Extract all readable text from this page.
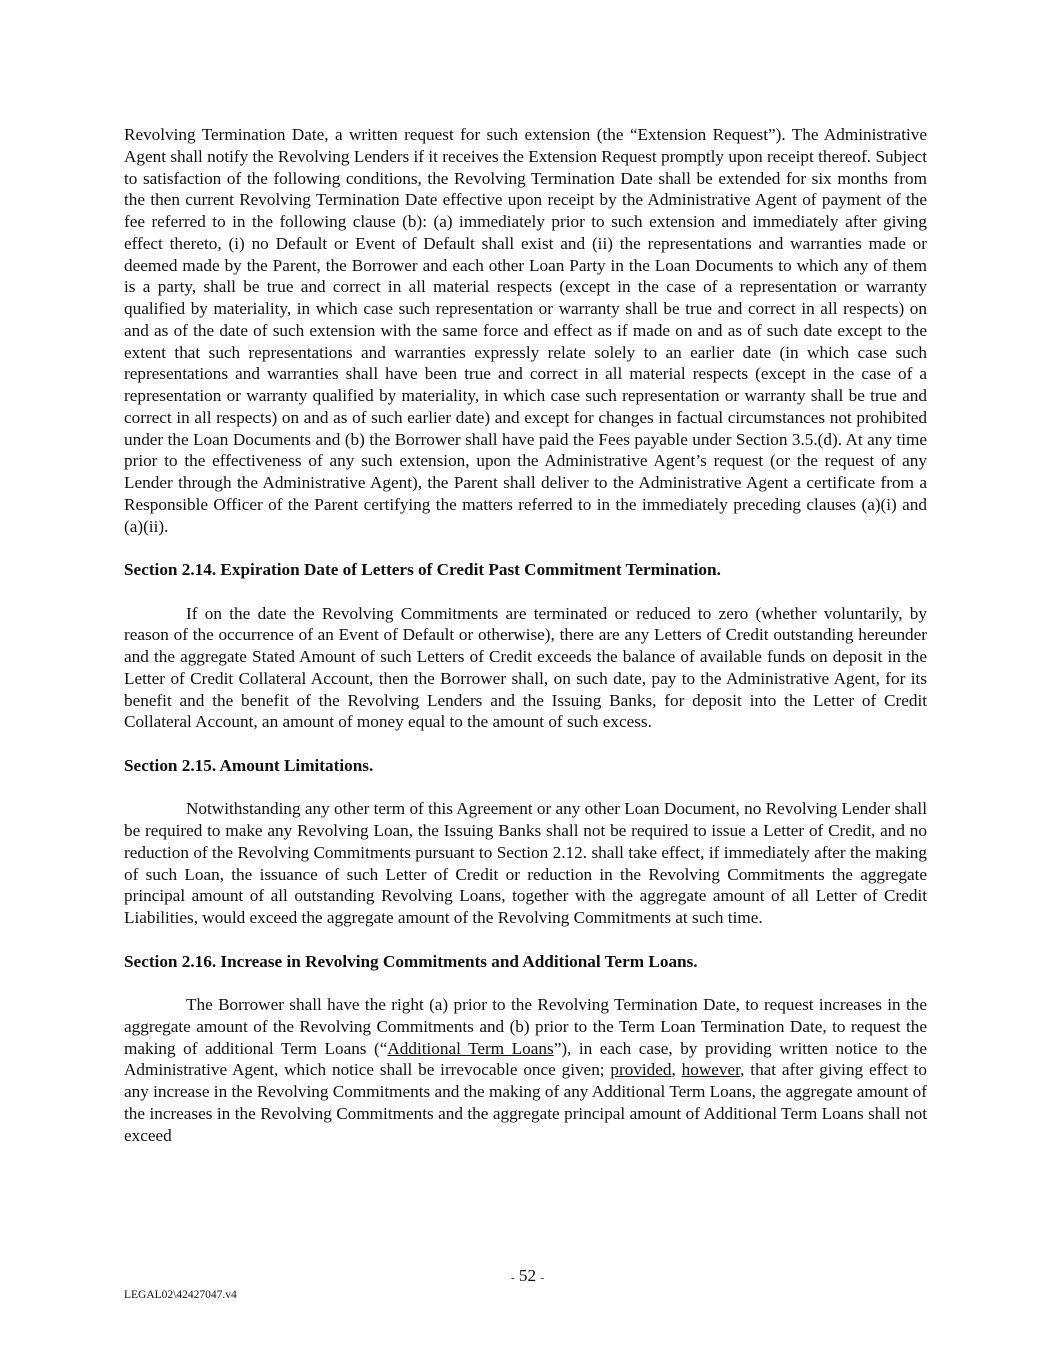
Revolving Termination Date, a written request for such extension (the “Extension Request”). The Administrative Agent shall notify the Revolving Lenders if it receives the Extension Request promptly upon receipt thereof. Subject to satisfaction of the following conditions, the Revolving Termination Date shall be extended for six months from the then current Revolving Termination Date effective upon receipt by the Administrative Agent of payment of the fee referred to in the following clause (b): (a) immediately prior to such extension and immediately after giving effect thereto, (i) no Default or Event of Default shall exist and (ii) the representations and warranties made or deemed made by the Parent, the Borrower and each other Loan Party in the Loan Documents to which any of them is a party, shall be true and correct in all material respects (except in the case of a representation or warranty qualified by materiality, in which case such representation or warranty shall be true and correct in all respects) on and as of the date of such extension with the same force and effect as if made on and as of such date except to the extent that such representations and warranties expressly relate solely to an earlier date (in which case such representations and warranties shall have been true and correct in all material respects (except in the case of a representation or warranty qualified by materiality, in which case such representation or warranty shall be true and correct in all respects) on and as of such earlier date) and except for changes in factual circumstances not prohibited under the Loan Documents and (b) the Borrower shall have paid the Fees payable under Section 3.5.(d). At any time prior to the effectiveness of any such extension, upon the Administrative Agent’s request (or the request of any Lender through the Administrative Agent), the Parent shall deliver to the Administrative Agent a certificate from a Responsible Officer of the Parent certifying the matters referred to in the immediately preceding clauses (a)(i) and (a)(ii).

Section 2.14. Expiration Date of Letters of Credit Past Commitment Termination.

If on the date the Revolving Commitments are terminated or reduced to zero (whether voluntarily, by reason of the occurrence of an Event of Default or otherwise), there are any Letters of Credit outstanding hereunder and the aggregate Stated Amount of such Letters of Credit exceeds the balance of available funds on deposit in the Letter of Credit Collateral Account, then the Borrower shall, on such date, pay to the Administrative Agent, for its benefit and the benefit of the Revolving Lenders and the Issuing Banks, for deposit into the Letter of Credit Collateral Account, an amount of money equal to the amount of such excess.

Section 2.15. Amount Limitations.

Notwithstanding any other term of this Agreement or any other Loan Document, no Revolving Lender shall be required to make any Revolving Loan, the Issuing Banks shall not be required to issue a Letter of Credit, and no reduction of the Revolving Commitments pursuant to Section 2.12. shall take effect, if immediately after the making of such Loan, the issuance of such Letter of Credit or reduction in the Revolving Commitments the aggregate principal amount of all outstanding Revolving Loans, together with the aggregate amount of all Letter of Credit Liabilities, would exceed the aggregate amount of the Revolving Commitments at such time.

Section 2.16. Increase in Revolving Commitments and Additional Term Loans.

The Borrower shall have the right (a) prior to the Revolving Termination Date, to request increases in the aggregate amount of the Revolving Commitments and (b) prior to the Term Loan Termination Date, to request the making of additional Term Loans (“Additional Term Loans”), in each case, by providing written notice to the Administrative Agent, which notice shall be irrevocable once given; provided, however, that after giving effect to any increase in the Revolving Commitments and the making of any Additional Term Loans, the aggregate amount of the increases in the Revolving Commitments and the aggregate principal amount of Additional Term Loans shall not exceed

- 52 -
LEGAL02\42427047.v4
